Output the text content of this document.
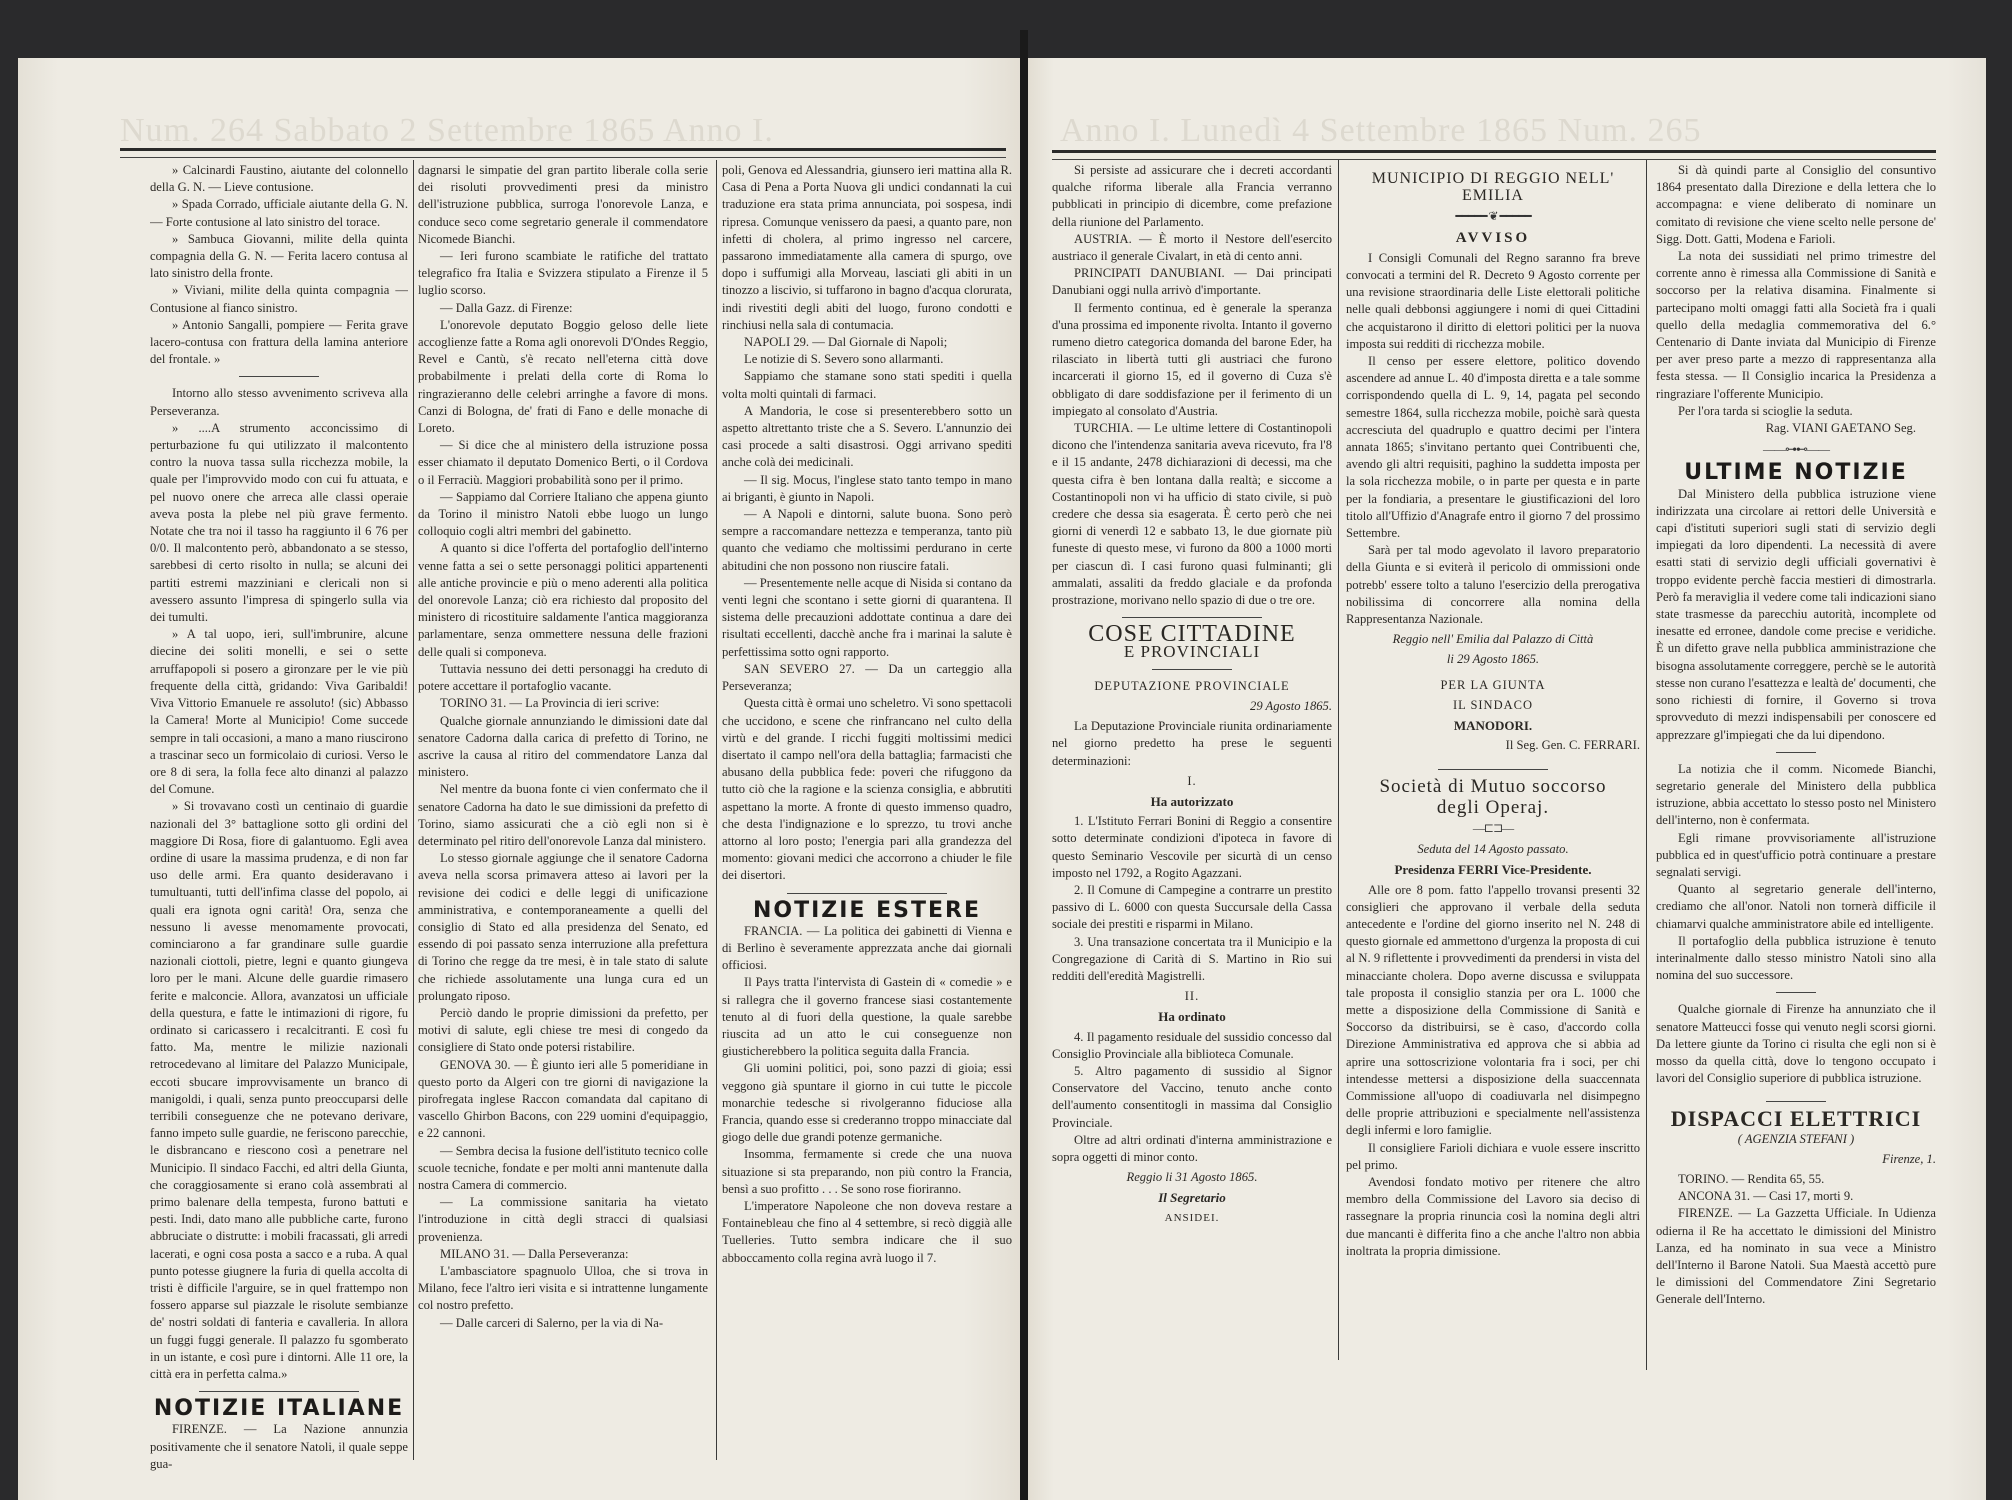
Num. 264 Sabbato 2 Settembre 1865 Anno I.	Anno I. Lunedì 4 Settembre 1865 Num. 265

» Calcinardi Faustino, aiutante del colonnello della G. N. — Lieve contusione.

» Spada Corrado, ufficiale aiutante della G. N. — Forte contusione al lato sinistro del torace.

» Sambuca Giovanni, milite della quinta compagnia della G. N. — Ferita lacero contusa al lato sinistro della fronte.

» Viviani, milite della quinta compagnia — Contusione al fianco sinistro.

» Antonio Sangalli, pompiere — Ferita grave lacero-contusa con frattura della lamina anteriore del frontale. »

Intorno allo stesso avvenimento scriveva alla Perseveranza.

» ....A strumento acconcissimo di perturbazione fu qui utilizzato il malcontento contro la nuova tassa sulla ricchezza mobile, la quale per l'improvvido modo con cui fu attuata, e pel nuovo onere che arreca alle classi operaie aveva posta la plebe nel più grave fermento. Notate che tra noi il tasso ha raggiunto il 6 76 per 0/0. Il malcontento però, abbandonato a se stesso, sarebbesi di certo risolto in nulla; se alcuni dei partiti estremi mazziniani e clericali non si avessero assunto l'impresa di spingerlo sulla via dei tumulti.

» A tal uopo, ieri, sull'imbrunire, alcune diecine dei soliti monelli, e sei o sette arruffapopoli si posero a gironzare per le vie più frequente della città, gridando: Viva Garibaldi! Viva Vittorio Emanuele re assoluto! (sic) Abbasso la Camera! Morte al Municipio! Come succede sempre in tali occasioni, a mano a mano riuscirono a trascinar seco un formicolaio di curiosi. Verso le ore 8 di sera, la folla fece alto dinanzi al palazzo del Comune.

» Si trovavano costì un centinaio di guardie nazionali del 3° battaglione sotto gli ordini del maggiore Di Rosa, fiore di galantuomo. Egli avea ordine di usare la massima prudenza, e di non far uso delle armi. Era quanto desideravano i tumultuanti, tutti dell'infima classe del popolo, ai quali era ignota ogni carità! Ora, senza che nessuno li avesse menomamente provocati, cominciarono a far grandinare sulle guardie nazionali ciottoli, pietre, legni e quanto giungeva loro per le mani. Alcune delle guardie rimasero ferite e malconcie. Allora, avanzatosi un ufficiale della questura, e fatte le intimazioni di rigore, fu ordinato si caricassero i recalcitranti. E così fu fatto. Ma, mentre le milizie nazionali retrocedevano al limitare del Palazzo Municipale, eccoti sbucare improvvisamente un branco di manigoldi, i quali, senza punto preoccuparsi delle terribili conseguenze che ne potevano derivare, fanno impeto sulle guardie, ne feriscono parecchie, le disbrancano e riescono così a penetrare nel Municipio. Il sindaco Facchi, ed altri della Giunta, che coraggiosamente si erano colà assembrati al primo balenare della tempesta, furono battuti e pesti. Indi, dato mano alle pubbliche carte, furono abbruciate o distrutte: i mobili fracassati, gli arredi lacerati, e ogni cosa posta a sacco e a ruba. A qual punto potesse giugnere la furia di quella accolta di tristi è difficile l'arguire, se in quel frattempo non fossero apparse sul piazzale le risolute sembianze de' nostri soldati di fanteria e cavalleria. In allora un fuggi fuggi generale. Il palazzo fu sgomberato in un istante, e così pure i dintorni. Alle 11 ore, la città era in perfetta calma.»

NOTIZIE ITALIANE

FIRENZE. — La Nazione annunzia positivamente che il senatore Natoli, il quale seppe gua-

dagnarsi le simpatie del gran partito liberale colla serie dei risoluti provvedimenti presi da ministro dell'istruzione pubblica, surroga l'onorevole Lanza, e conduce seco come segretario generale il commendatore Nicomede Bianchi.

— Ieri furono scambiate le ratifiche del trattato telegrafico fra Italia e Svizzera stipulato a Firenze il 5 luglio scorso.

— Dalla Gazz. di Firenze:

L'onorevole deputato Boggio geloso delle liete accoglienze fatte a Roma agli onorevoli D'Ondes Reggio, Revel e Cantù, s'è recato nell'eterna città dove probabilmente i prelati della corte di Roma lo ringrazieranno delle celebri arringhe a favore di mons. Canzi di Bologna, de' frati di Fano e delle monache di Loreto.

— Si dice che al ministero della istruzione possa esser chiamato il deputato Domenico Berti, o il Cordova o il Ferraciù. Maggiori probabilità sono per il primo.

— Sappiamo dal Corriere Italiano che appena giunto da Torino il ministro Natoli ebbe luogo un lungo colloquio cogli altri membri del gabinetto.

A quanto si dice l'offerta del portafoglio dell'interno venne fatta a sei o sette personaggi politici appartenenti alle antiche provincie e più o meno aderenti alla politica del onorevole Lanza; ciò era richiesto dal proposito del ministero di ricostituire saldamente l'antica maggioranza parlamentare, senza ommettere nessuna delle frazioni delle quali si componeva.

Tuttavia nessuno dei detti personaggi ha creduto di potere accettare il portafoglio vacante.

TORINO 31. — La Provincia di ieri scrive:

Qualche giornale annunziando le dimissioni date dal senatore Cadorna dalla carica di prefetto di Torino, ne ascrive la causa al ritiro del commendatore Lanza dal ministero.

Nel mentre da buona fonte ci vien confermato che il senatore Cadorna ha dato le sue dimissioni da prefetto di Torino, siamo assicurati che a ciò egli non si è determinato pel ritiro dell'onorevole Lanza dal ministero.

Lo stesso giornale aggiunge che il senatore Cadorna aveva nella scorsa primavera atteso ai lavori per la revisione dei codici e delle leggi di unificazione amministrativa, e contemporaneamente a quelli del consiglio di Stato ed alla presidenza del Senato, ed essendo di poi passato senza interruzione alla prefettura di Torino che regge da tre mesi, è in tale stato di salute che richiede assolutamente una lunga cura ed un prolungato riposo.

Perciò dando le proprie dimissioni da prefetto, per motivi di salute, egli chiese tre mesi di congedo da consigliere di Stato onde potersi ristabilire.

GENOVA 30. — È giunto ieri alle 5 pomeridiane in questo porto da Algeri con tre giorni di navigazione la pirofregata inglese Raccon comandata dal capitano di vascello Ghirbon Bacons, con 229 uomini d'equipaggio, e 22 cannoni.

— Sembra decisa la fusione dell'istituto tecnico colle scuole tecniche, fondate e per molti anni mantenute dalla nostra Camera di commercio.

— La commissione sanitaria ha vietato l'introduzione in città degli stracci di qualsiasi provenienza.

MILANO 31. — Dalla Perseveranza:

L'ambasciatore spagnuolo Ulloa, che si trova in Milano, fece l'altro ieri visita e si intrattenne lungamente col nostro prefetto.

— Dalle carceri di Salerno, per la via di Na-

poli, Genova ed Alessandria, giunsero ieri mattina alla R. Casa di Pena a Porta Nuova gli undici condannati la cui traduzione era stata prima annunciata, poi sospesa, indi ripresa. Comunque venissero da paesi, a quanto pare, non infetti di cholera, al primo ingresso nel carcere, passarono immediatamente alla camera di spurgo, ove dopo i suffumigi alla Morveau, lasciati gli abiti in un tinozzo a liscivio, si tuffarono in bagno d'acqua clorurata, indi rivestiti degli abiti del luogo, furono condotti e rinchiusi nella sala di contumacia.

NAPOLI 29. — Dal Giornale di Napoli;

Le notizie di S. Severo sono allarmanti.

Sappiamo che stamane sono stati spediti i quella volta molti quintali di farmaci.

A Mandoria, le cose si presenterebbero sotto un aspetto altrettanto triste che a S. Severo. L'annunzio dei casi procede a salti disastrosi. Oggi arrivano spediti anche colà dei medicinali.

— Il sig. Mocus, l'inglese stato tanto tempo in mano ai briganti, è giunto in Napoli.

— A Napoli e dintorni, salute buona. Sono però sempre a raccomandare nettezza e temperanza, tanto più quanto che vediamo che moltissimi perdurano in certe abitudini che non possono non riuscire fatali.

— Presentemente nelle acque di Nisida si contano da venti legni che scontano i sette giorni di quarantena. Il sistema delle precauzioni addottate continua a dare dei risultati eccellenti, dacchè anche fra i marinai la salute è perfettissima sotto ogni rapporto.

SAN SEVERO 27. — Da un carteggio alla Perseveranza;

Questa città è ormai uno scheletro. Vi sono spettacoli che uccidono, e scene che rinfrancano nel culto della virtù e del grande. I ricchi fuggiti moltissimi medici disertato il campo nell'ora della battaglia; farmacisti che abusano della pubblica fede: poveri che rifuggono da tutto ciò che la ragione e la scienza consiglia, e abbrutiti aspettano la morte. A fronte di questo immenso quadro, che desta l'indignazione e lo sprezzo, tu trovi anche attorno al loro posto; l'energia pari alla grandezza del momento: giovani medici che accorrono a chiuder le file dei disertori.

NOTIZIE ESTERE

FRANCIA. — La politica dei gabinetti di Vienna e di Berlino è severamente apprezzata anche dai giornali officiosi.

Il Pays tratta l'intervista di Gastein di « comedie » e si rallegra che il governo francese siasi costantemente tenuto al di fuori della questione, la quale sarebbe riuscita ad un atto le cui conseguenze non giusticherebbero la politica seguita dalla Francia.

Gli uomini politici, poi, sono pazzi di gioia; essi veggono già spuntare il giorno in cui tutte le piccole monarchie tedesche si rivolgeranno fiduciose alla Francia, quando esse si crederanno troppo minacciate dal giogo delle due grandi potenze germaniche.

Insomma, fermamente si crede che una nuova situazione si sta preparando, non più contro la Francia, bensì a suo profitto . . . Se sono rose fioriranno.

L'imperatore Napoleone che non doveva restare a Fontainebleau che fino al 4 settembre, si recò diggià alle Tuelleries. Tutto sembra indicare che il suo abboccamento colla regina avrà luogo il 7.

Si persiste ad assicurare che i decreti accordanti qualche riforma liberale alla Francia verranno pubblicati in principio di dicembre, come prefazione della riunione del Parlamento.

AUSTRIA. — È morto il Nestore dell'esercito austriaco il generale Civalart, in età di cento anni.

PRINCIPATI DANUBIANI. — Dai principati Danubiani oggi nulla arrivò d'importante.

Il fermento continua, ed è generale la speranza d'una prossima ed imponente rivolta. Intanto il governo rumeno dietro categorica domanda del barone Eder, ha rilasciato in libertà tutti gli austriaci che furono incarcerati il giorno 15, ed il governo di Cuza s'è obbligato di dare soddisfazione per il ferimento di un impiegato al consolato d'Austria.

TURCHIA. — Le ultime lettere di Costantinopoli dicono che l'intendenza sanitaria aveva ricevuto, fra l'8 e il 15 andante, 2478 dichiarazioni di decessi, ma che questa cifra è ben lontana dalla realtà; e siccome a Costantinopoli non vi ha ufficio di stato civile, si può credere che dessa sia esagerata. È certo però che nei giorni di venerdì 12 e sabbato 13, le due giornate più funeste di questo mese, vi furono da 800 a 1000 morti per ciascun dì. I casi furono quasi fulminanti; gli ammalati, assaliti da freddo glaciale e da profonda prostrazione, morivano nello spazio di due o tre ore.

COSE CITTADINE
E PROVINCIALI
DEPUTAZIONE PROVINCIALE
29 Agosto 1865.

La Deputazione Provinciale riunita ordinariamente nel giorno predetto ha prese le seguenti determinazioni:

I.
Ha autorizzato

1. L'Istituto Ferrari Bonini di Reggio a consentire sotto determinate condizioni d'ipoteca in favore di questo Seminario Vescovile per sicurtà di un censo imposto nel 1792, a Rogito Agazzani.

2. Il Comune di Campegine a contrarre un prestito passivo di L. 6000 con questa Succursale della Cassa sociale dei prestiti e risparmi in Milano.

3. Una transazione concertata tra il Municipio e la Congregazione di Carità di S. Martino in Rio sui redditi dell'eredità Magistrelli.

II.
Ha ordinato

4. Il pagamento residuale del sussidio concesso dal Consiglio Provinciale alla biblioteca Comunale.

5. Altro pagamento di sussidio al Signor Conservatore del Vaccino, tenuto anche conto dell'aumento consentitogli in massima dal Consiglio Provinciale.

Oltre ad altri ordinati d'interna amministrazione e sopra oggetti di minor conto.

Reggio li 31 Agosto 1865.
Il Segretario
ANSIDEI.
MUNICIPIO DI REGGIO NELL' EMILIA
━━━━━ ❦ ━━━━━
AVVISO

I Consigli Comunali del Regno saranno fra breve convocati a termini del R. Decreto 9 Agosto corrente per una revisione straordinaria delle Liste elettorali politiche nelle quali debbonsi aggiungere i nomi di quei Cittadini che acquistarono il diritto di elettori politici per la nuova imposta sui redditi di ricchezza mobile.

Il censo per essere elettore, politico dovendo ascendere ad annue L. 40 d'imposta diretta e a tale somme corrispondendo quella di L. 9, 14, pagata pel secondo semestre 1864, sulla ricchezza mobile, poichè sarà questa accresciuta del quadruplo e quattro decimi per l'intera annata 1865; s'invitano pertanto quei Contribuenti che, avendo gli altri requisiti, paghino la suddetta imposta per la sola ricchezza mobile, o in parte per questa e in parte per la fondiaria, a presentare le giustificazioni del loro titolo all'Uffizio d'Anagrafe entro il giorno 7 del prossimo Settembre.

Sarà per tal modo agevolato il lavoro preparatorio della Giunta e si eviterà il pericolo di ommissioni onde potrebb' essere tolto a taluno l'esercizio della prerogativa nobilissima di concorrere alla nomina della Rappresentanza Nazionale.

Reggio nell' Emilia dal Palazzo di Città
li 29 Agosto 1865.
PER LA GIUNTA
IL SINDACO
MANODORI.
Il Seg. Gen. C. FERRARI.
Società di Mutuo soccorso
degli Operaj.
—⊏⊐—
Seduta del 14 Agosto passato.
Presidenza FERRI Vice-Presidente.

Alle ore 8 pom. fatto l'appello trovansi presenti 32 consiglieri che approvano il verbale della seduta antecedente e l'ordine del giorno inserito nel N. 248 di questo giornale ed ammettono d'urgenza la proposta di cui al N. 9 riflettente i provvedimenti da prendersi in vista del minacciante cholera. Dopo averne discussa e sviluppata tale proposta il consiglio stanzia per ora L. 1000 che mette a disposizione della Commissione di Sanità e Soccorso da distribuirsi, se è caso, d'accordo colla Direzione Amministrativa ed approva che si abbia ad aprire una sottoscrizione volontaria fra i soci, per chi intendesse mettersi a disposizione della suaccennata Commissione all'uopo di coadiuvarla nel disimpegno delle proprie attribuzioni e specialmente nell'assistenza degli infermi e loro famiglie.

Il consigliere Farioli dichiara e vuole essere inscritto pel primo.

Avendosi fondato motivo per ritenere che altro membro della Commissione del Lavoro sia deciso di rassegnare la propria rinuncia così la nomina degli altri due mancanti è differita fino a che anche l'altro non abbia inoltrata la propria dimissione.

Si dà quindi parte al Consiglio del consuntivo 1864 presentato dalla Direzione e della lettera che lo accompagna: e viene deliberato di nominare un comitato di revisione che viene scelto nelle persone de' Sigg. Dott. Gatti, Modena e Farioli.

La nota dei sussidiati nel primo trimestre del corrente anno è rimessa alla Commissione di Sanità e soccorso per la relativa disamina. Finalmente si partecipano molti omaggi fatti alla Società fra i quali quello della medaglia commemorativa del 6.° Centenario di Dante inviata dal Municipio di Firenze per aver preso parte a mezzo di rappresentanza alla festa stessa. — Il Consiglio incarica la Presidenza a ringraziare l'offerente Municipio.

Per l'ora tarda si scioglie la seduta.

Rag. VIANI GAETANO Seg.
——⊶⊷——
ULTIME NOTIZIE

Dal Ministero della pubblica istruzione viene indirizzata una circolare ai rettori delle Università e capi d'istituti superiori sugli stati di servizio degli impiegati da loro dipendenti. La necessità di avere esatti stati di servizio degli ufficiali governativi è troppo evidente perchè faccia mestieri di dimostrarla. Però fa meraviglia il vedere come tali indicazioni siano state trasmesse da parecchiu autorità, incomplete od inesatte ed erronee, dandole come precise e veridiche. È un difetto grave nella pubblica amministrazione che bisogna assolutamente correggere, perchè se le autorità stesse non curano l'esattezza e lealtà de' documenti, che sono richiesti di fornire, il Governo si trova sprovveduto di mezzi indispensabili per conoscere ed apprezzare gl'impiegati che da lui dipendono.

La notizia che il comm. Nicomede Bianchi, segretario generale del Ministero della pubblica istruzione, abbia accettato lo stesso posto nel Ministero dell'interno, non è confermata.

Egli rimane provvisoriamente all'istruzione pubblica ed in quest'ufficio potrà continuare a prestare segnalati servigi.

Quanto al segretario generale dell'interno, crediamo che all'onor. Natoli non tornerà difficile il chiamarvi qualche amministratore abile ed intelligente.

Il portafoglio della pubblica istruzione è tenuto interinalmente dallo stesso ministro Natoli sino alla nomina del suo successore.

Qualche giornale di Firenze ha annunziato che il senatore Matteucci fosse qui venuto negli scorsi giorni. Da lettere giunte da Torino ci risulta che egli non si è mosso da quella città, dove lo tengono occupato i lavori del Consiglio superiore di pubblica istruzione.

DISPACCI ELETTRICI
( AGENZIA STEFANI )
Firenze, 1.

TORINO. — Rendita 65, 55.

ANCONA 31. — Casi 17, morti 9.

FIRENZE. — La Gazzetta Ufficiale. In Udienza odierna il Re ha accettato le dimissioni del Ministro Lanza, ed ha nominato in sua vece a Ministro dell'Interno il Barone Natoli. Sua Maestà accettò pure le dimissioni del Commendatore Zini Segretario Generale dell'Interno.
